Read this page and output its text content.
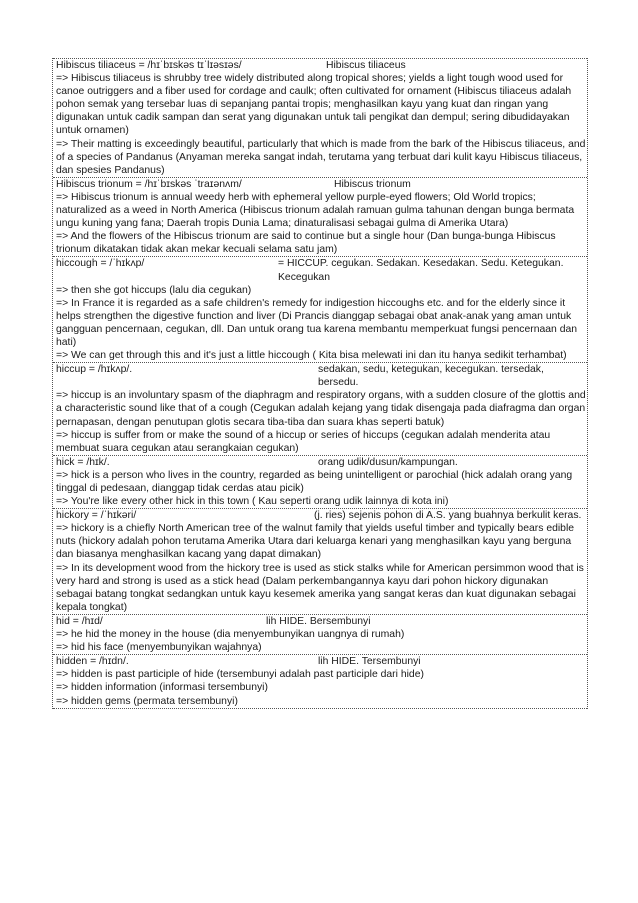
Hibiscus tiliaceus = /hɪˈbɪskəs tɪˈlɪəsɪəs/	Hibiscus tiliaceus
=> Hibiscus tiliaceus is shrubby tree widely distributed along tropical shores; yields a light tough wood used for canoe outriggers and a fiber used for cordage and caulk; often cultivated for ornament (Hibiscus tiliaceus adalah pohon semak yang tersebar luas di sepanjang pantai tropis; menghasilkan kayu yang kuat dan ringan yang digunakan untuk cadik sampan dan serat yang digunakan untuk tali pengikat dan dempul; sering dibudidayakan untuk ornamen)
=> Their matting is exceedingly beautiful, particularly that which is made from the bark of the Hibiscus tiliaceus, and of a species of Pandanus (Anyaman mereka sangat indah, terutama yang terbuat dari kulit kayu Hibiscus tiliaceus, dan spesies Pandanus)
Hibiscus trionum = /hɪˈbɪskəs ˈtraɪənʌm/	Hibiscus trionum
=> Hibiscus trionum is annual weedy herb with ephemeral yellow purple-eyed flowers; Old World tropics; naturalized as a weed in North America (Hibiscus trionum adalah ramuan gulma tahunan dengan bunga bermata ungu kuning yang fana; Daerah tropis Dunia Lama; dinaturalisasi sebagai gulma di Amerika Utara)
=> And the flowers of the Hibiscus trionum are said to continue but a single hour (Dan bunga-bunga Hibiscus trionum dikatakan tidak akan mekar kecuali selama satu jam)
hiccough = /ˈhɪkʌp/	= HICCUP. cegukan. Sedakan. Kesedakan. Sedu. Ketegukan. Kecegukan
=> then she got hiccups (lalu dia cegukan)
=> In France it is regarded as a safe children's remedy for indigestion hiccoughs etc. and for the elderly since it helps strengthen the digestive function and liver (Di Prancis dianggap sebagai obat anak-anak yang aman untuk gangguan pencernaan, cegukan, dll. Dan untuk orang tua karena membantu memperkuat fungsi pencernaan dan hati)
=> We can get through this and it's just a little hiccough ( Kita bisa melewati ini dan itu hanya sedikit terhambat)
hiccup = /hɪkʌp/.	sedakan, sedu, ketegukan, kecegukan. tersedak, bersedu.
=> hiccup is an involuntary spasm of the diaphragm and respiratory organs, with a sudden closure of the glottis and a characteristic sound like that of a cough (Cegukan adalah kejang yang tidak disengaja pada diafragma dan organ pernapasan, dengan penutupan glotis secara tiba-tiba dan suara khas seperti batuk)
=> hiccup is suffer from or make the sound of a hiccup or series of hiccups (cegukan adalah menderita atau membuat suara cegukan atau serangkaian cegukan)
hick = /hɪk/.	orang udik/dusun/kampungan.
=> hick is a person who lives in the country, regarded as being unintelligent or parochial (hick adalah orang yang tinggal di pedesaan, dianggap tidak cerdas atau picik)
=> You're like every other hick in this town ( Kau seperti orang udik lainnya di kota ini)
hickory = /ˈhɪkəri/	(j. ries) sejenis pohon di A.S. yang buahnya berkulit keras.
=> hickory is a chiefly North American tree of the walnut family that yields useful timber and typically bears edible nuts (hickory adalah pohon terutama Amerika Utara dari keluarga kenari yang menghasilkan kayu yang berguna dan biasanya menghasilkan kacang yang dapat dimakan)
=> In its development wood from the hickory tree is used as stick stalks while for American persimmon wood that is very hard and strong is used as a stick head (Dalam perkembangannya kayu dari pohon hickory digunakan sebagai batang tongkat sedangkan untuk kayu kesemek amerika yang sangat keras dan kuat digunakan sebagai kepala tongkat)
hid = /hɪd/	lih HIDE. Bersembunyi
=> he hid the money in the house (dia menyembunyikan uangnya di rumah)
=> hid his face (menyembunyikan wajahnya)
hidden = /hɪdn/.	lih HIDE. Tersembunyi
=> hidden is past participle of hide (tersembunyi adalah past participle dari hide)
=> hidden information (informasi tersembunyi)
=> hidden gems (permata tersembunyi)
